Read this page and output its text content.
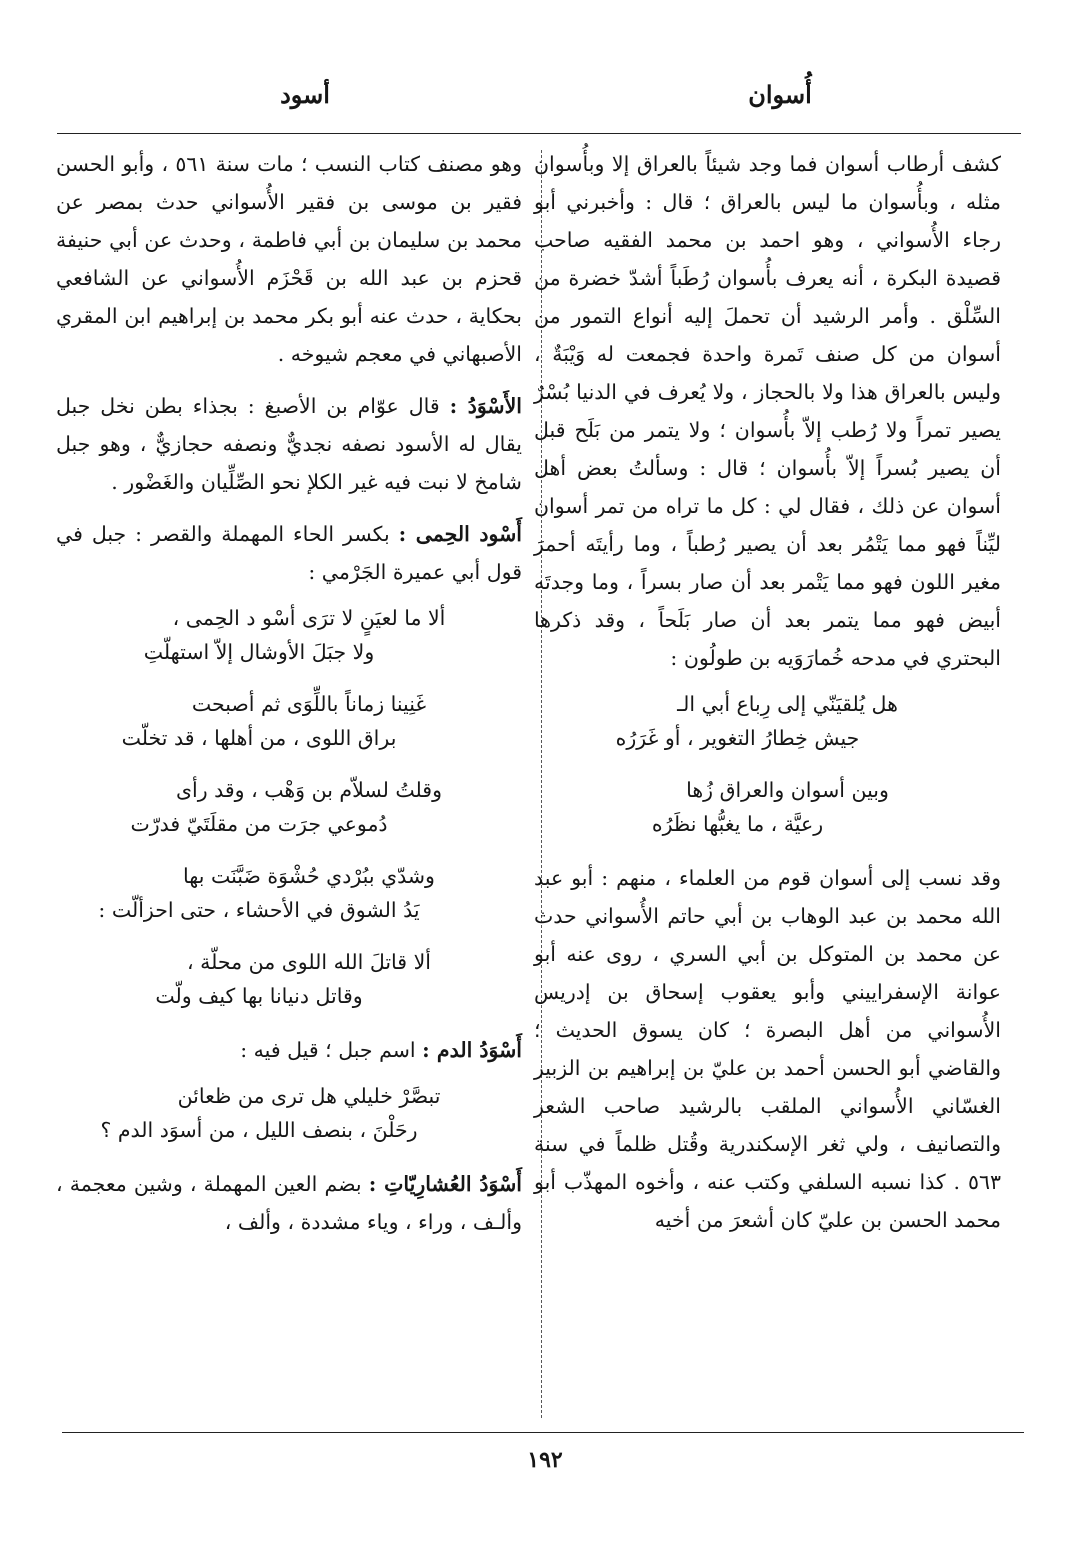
أُسوان
أسود

كشف أرطاب أسوان فما وجد شيئاً بالعراق إلا وبأُسوان مثله ، وبأُسوان ما ليس بالعراق ؛ قال : وأخبرني أبو رجاء الأُسواني ، وهو احمد بن محمد الفقيه صاحب قصيدة البكرة ، أنه يعرف بأُسوان رُطَباً أشدّ خضرة من السِّلْق . وأمر الرشيد أن تحملَ إليه أنواع التمور من أسوان من كل صنف تَمرة واحدة فجمعت له وَيْبَةٌ ، وليس بالعراق هذا ولا بالحجاز ، ولا يُعرف في الدنيا بُسْرٌ يصير تمراً ولا رُطب إلاّ بأُسوان ؛ ولا يتمر من بَلَح قبل أن يصير بُسراً إلاّ بأُسوان ؛ قال : وسألتُ بعض أهل أسوان عن ذلك ، فقال لي : كل ما تراه من تمر أسوان ليِّناً فهو مما يَتْمُر بعد أن يصير رُطباً ، وما رأيتَه أحمرَ مغير اللون فهو مما يَتْمر بعد أن صار بسراً ، وما وجدتَه أبيض فهو مما يتمر بعد أن صار بَلَحاً ، وقد ذكرها البحتري في مدحه خُمارَوَيه بن طولُون :

هل يُلقيَنّي إلى رِباع أبي الـ
جيش خِطارُ التغوير ، أو غَرَرُه
وبين أسوان والعراق زُها
رعيَّة ، ما يغبُّها نظَرُه

وقد نسب إلى أسوان قوم من العلماء ، منهم : أبو عبد الله محمد بن عبد الوهاب بن أبي حاتم الأُسواني حدث عن محمد بن المتوكل بن أبي السري ، روى عنه أبو عوانة الإسفراييني وأبو يعقوب إسحاق بن إدريس الأُسواني من أهل البصرة ؛ كان يسوق الحديث ؛ والقاضي أبو الحسن أحمد بن عليّ بن إبراهيم بن الزبير الغسّاني الأُسواني الملقب بالرشيد صاحب الشعر والتصانيف ، ولي ثغر الإسكندرية وقُتل ظلماً في سنة ٥٦٣ . كذا نسبه السلفي وكتب عنه ، وأخوه المهذّب أبو محمد الحسن بن عليّ كان أشعرَ من أخيه

وهو مصنف كتاب النسب ؛ مات سنة ٥٦١ ، وأبو الحسن فقير بن موسى بن فقير الأُسواني حدث بمصر عن محمد بن سليمان بن أبي فاطمة ، وحدث عن أبي حنيفة قحزم بن عبد الله بن قَحْزَم الأُسواني عن الشافعي بحكاية ، حدث عنه أبو بكر محمد بن إبراهيم ابن المقري الأصبهاني في معجم شيوخه .

الأَسْوَدُ : قال عوّام بن الأصبغ : بجذاء بطن نخل جبل يقال له الأسود نصفه نجديٌّ ونصفه حجازيٌّ ، وهو جبل شامخ لا نبت فيه غير الكلإ نحو الصِّلِّيان والغَضْور .

أَسْود الحِمى : بكسر الحاء المهملة والقصر : جبل في قول أبي عميرة الجَرْمي :

ألا ما لعيَنٍ لا ترَى أسْو د الحِمى ،
ولا جبَلَ الأوشال إلاّ استهلّتِ
غَنِينا زماناً باللِّوَى ثم أصبحت
براق اللوى ، من أهلها ، قد تخلّت
وقلتُ لسلاّم بن وَهْب ، وقد رأى
دُموعي جرَت من مقلَتَيّ فدرّت
وشدّي ببُرْدي حُشْوَة ضَبَّنَت بها
يَدُ الشوق في الأحشاء ، حتى احزألّت :
ألا قاتلَ الله اللوى من محلّة ،
وقاتل دنيانا بها كيف ولّت

أَسْوَدُ الدم : اسم جبل ؛ قيل فيه :

تبصَّرْ خليلي هل ترى من ظعائن
رحَلْنَ ، بنصف الليل ، من أسوَد الدم ؟

أَسْوَدُ العُشارِيّاتِ : بضم العين المهملة ، وشين معجمة ، وألـف ، وراء ، وياء مشددة ، وألف ،

١٩٢
